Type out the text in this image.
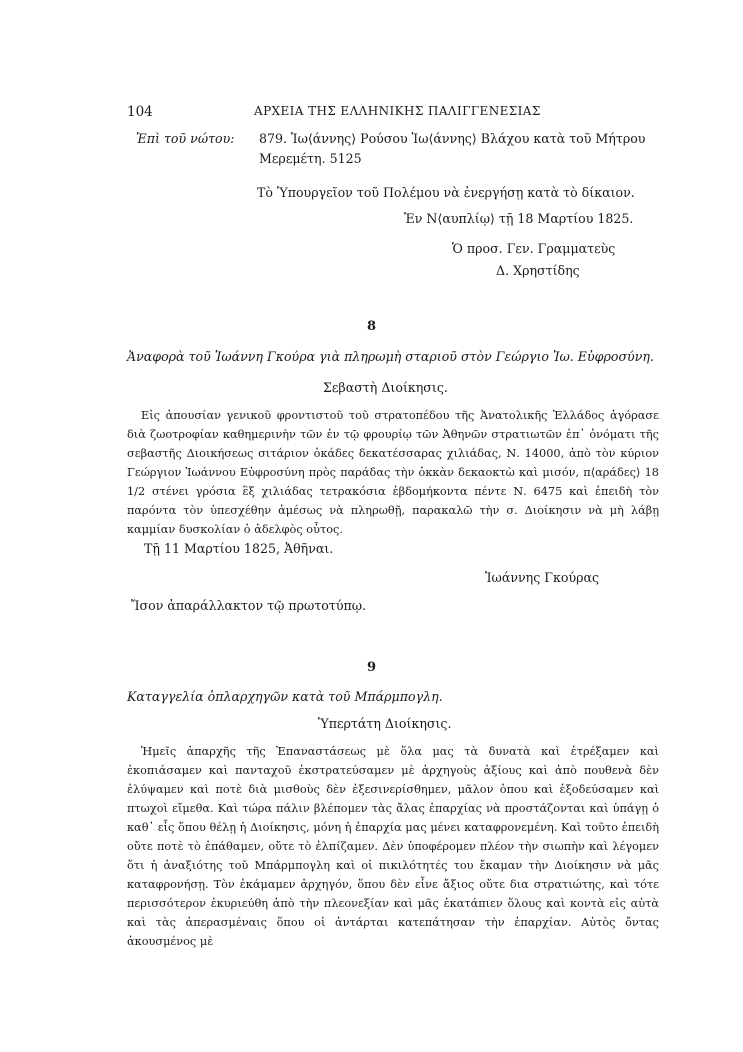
104	ΑΡΧΕΙΑ ΤΗΣ ΕΛΛΗΝΙΚΗΣ ΠΑΛΙΓΓΕΝΕΣΙΑΣ
Ἐπὶ τοῦ νώτου: 879. Ἰω⟨άννης⟩ Ρούσου Ἰω⟨άννης⟩ Βλάχου κατὰ τοῦ Μήτρου
Μερεμέτη. 5125
Τὸ Ὑπουργεῖον τοῦ Πολέμου νὰ ἐνεργήσῃ κατὰ τὸ δίκαιον.
Ἐν Ν⟨αυπλίῳ⟩ τῇ 18 Μαρτίου 1825.
Ὁ προσ. Γεν. Γραμματεὺς
Δ. Χρηστίδης
8
Ἀναφορὰ τοῦ Ἰωάννη Γκούρα γιὰ πληρωμὴ σταριοῦ στὸν Γεώργιο Ἰω. Εὐφροσύνη.
Σεβαστὴ Διοίκησις.

Εἰς ἀπουσίαν γενικοῦ φροντιστοῦ τοῦ στρατοπέδου τῆς Ἀνατολικῆς Ἑλλάδος ἀγόρασε διὰ ζωοτροφίαν καθημερινὴν τῶν ἐν τῷ φρουρίῳ τῶν Ἀθηνῶν στρατιωτῶν ἐπ᾽ ὀνόματι τῆς σεβαστῆς Διοικήσεως σιτάριον ὀκάδες δεκατέσσαρας χιλιάδας, Ν. 14000, ἀπὸ τὸν κύριον Γεώργιον Ἰωάννου Εὐφροσύνη πρὸς παράδας τὴν ὀκκὰν δεκαοκτὼ καὶ μισόν, π⟨αράδες⟩ 18 1/2 στένει γρόσια ἓξ χιλιάδας τετρακόσια ἑβδομήκοντα πέντε Ν. 6475 καὶ ἐπειδὴ τὸν παρόντα τὸν ὑπεσχέθην ἀμέσως νὰ πληρωθῇ, παρακαλῶ τὴν σ. Διοίκησιν νὰ μὴ λάβῃ καμμίαν δυσκολίαν ὁ ἀδελφὸς οὗτος.

Τῇ 11 Μαρτίου 1825, Ἀθῆναι.
Ἰωάννης Γκούρας
Ἴσον ἀπαράλλακτον τῷ πρωτοτύπῳ.
9
Καταγγελία ὁπλαρχηγῶν κατὰ τοῦ Μπάρμπογλη.
Ὑπερτάτη Διοίκησις.

Ἡμεῖς ἀπαρχῆς τῆς Ἐπαναστάσεως μὲ ὅλα μας τὰ δυνατὰ καὶ ἐτρέξαμεν καὶ ἐκοπιάσαμεν καὶ πανταχοῦ ἐκστρατεύσαμεν μὲ ἀρχηγοὺς ἀξίους καὶ ἀπὸ πουθενὰ δὲν ἐλύψαμεν καὶ ποτὲ διὰ μισθοὺς δὲν ἐξεσινερίσθημεν, μᾶλον ὁπου καὶ ἐξοδεύσαμεν καὶ πτωχοὶ εἴμεθα. Καὶ τώρα πάλιν βλέπομεν τὰς ἄλας ἐπαρχίας νὰ προστάζονται καὶ ὑπάγῃ ὁ καθ᾽ εἷς ὅπου θέλῃ ἡ Διοίκησις, μόνη ἡ ἐπαρχία μας μένει καταφρονεμένη. Καὶ τοῦτο ἐπειδὴ οὔτε ποτὲ τὸ ἐπάθαμεν, οὔτε τὸ ἐλπίζαμεν. Δὲν ὑποφέρομεν πλέον τὴν σιωπὴν καὶ λέγομεν ὅτι ἡ ἀναξιότης τοῦ Μπάρμπογλη καὶ οἱ πικιλότητές του ἔκαμαν τὴν Διοίκησιν νὰ μᾶς καταφρονήσῃ. Τὸν ἐκάμαμεν ἀρχηγόν, ὅπου δὲν εἶνε ἄξιος οὔτε δια στρατιώτης, καὶ τότε περισσότερον ἐκυριεύθη ἀπὸ τὴν πλεονεξίαν καὶ μᾶς ἐκατάπιεν ὅλους καὶ κοντὰ εἰς αὐτὰ καὶ τὰς ἀπερασμέναις ὅπου οἱ ἀντάρται κατεπάτησαν τὴν ἐπαρχίαν. Αὐτὸς ὄντας ἀκουσμένος μὲ
